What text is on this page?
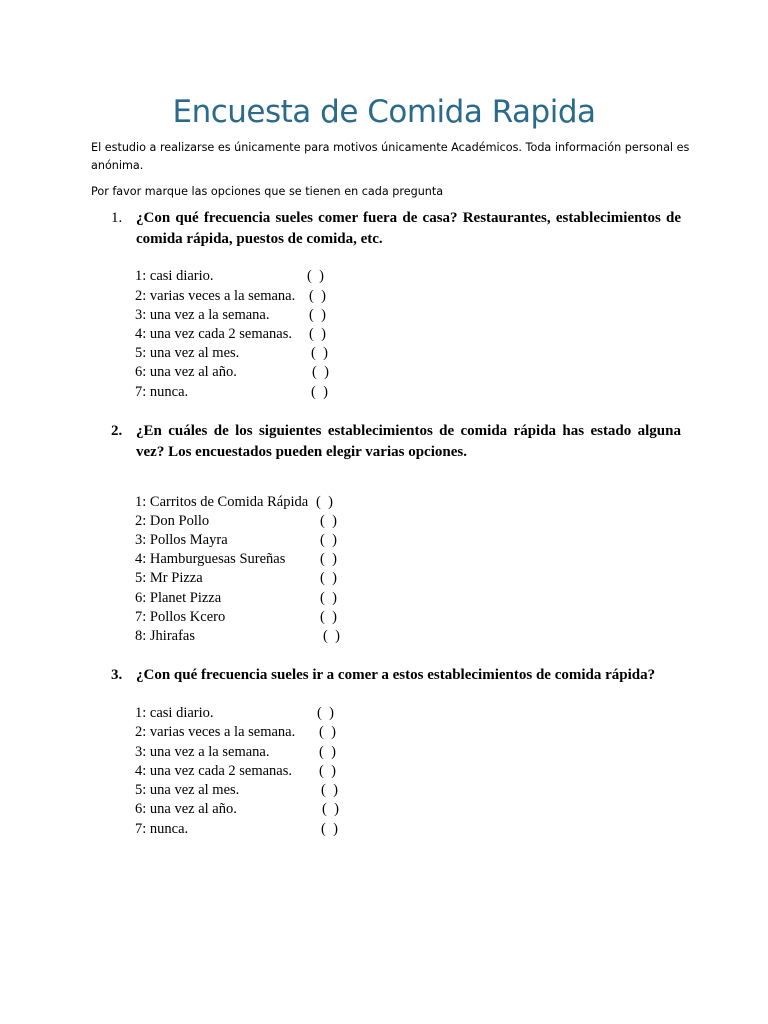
Encuesta de Comida Rapida
El estudio a realizarse es únicamente para motivos únicamente Académicos. Toda información personal es anónima.
Por favor marque las opciones que se tienen en cada pregunta
1. ¿Con qué frecuencia sueles comer fuera de casa? Restaurantes, establecimientos de comida rápida, puestos de comida, etc.
1: casi diario.	(  )
2: varias veces a la semana. (  )
3: una vez a la semana.	(  )
4: una vez cada 2 semanas. (  )
5: una vez al mes.	(  )
6: una vez al año.	(  )
7: nunca.	(  )
2. ¿En cuáles de los siguientes establecimientos de comida rápida has estado alguna vez? Los encuestados pueden elegir varias opciones.
1: Carritos de Comida Rápida (  )
2: Don Pollo	(  )
3: Pollos Mayra	(  )
4: Hamburguesas Sureñas (  )
5: Mr Pizza	(  )
6: Planet Pizza	(  )
7: Pollos Kcero	(  )
8: Jhirafas	(  )
3. ¿Con qué frecuencia sueles ir a comer a estos establecimientos de comida rápida?
1: casi diario.	(  )
2: varias veces a la semana. (  )
3: una vez a la semana.	(  )
4: una vez cada 2 semanas. (  )
5: una vez al mes.	(  )
6: una vez al año.	(  )
7: nunca.	(  )
